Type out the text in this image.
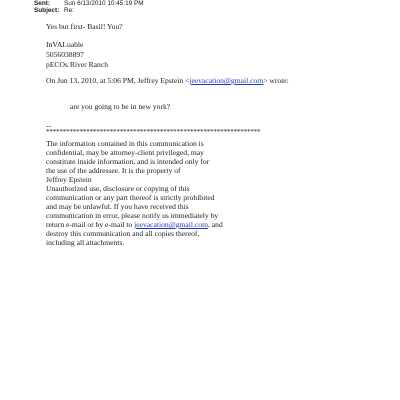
Sent: Sun 6/13/2010 10:45:19 PM
Subject: Re:
Yes but first- Basil! You?
InVALuable
5056038897
pECOs River Ranch
On Jun 13, 2010, at 5:06 PM, Jeffrey Epstein <jeevacation@gmail.com> wrote:
are you going to be in new york?
--
****************************************************************
The information contained in this communication is
confidential, may be attorney-client privileged, may
constitute inside information, and is intended only for
the use of the addressee. It is the property of
Jeffrey Epstein
Unauthorized use, disclosure or copying of this
communication or any part thereof is strictly prohibited
and may be unlawful. If you have received this
communication in error, please notify us immediately by
return e-mail or by e-mail to jeevacation@gmail.com, and
destroy this communication and all copies thereof,
including all attachments.
